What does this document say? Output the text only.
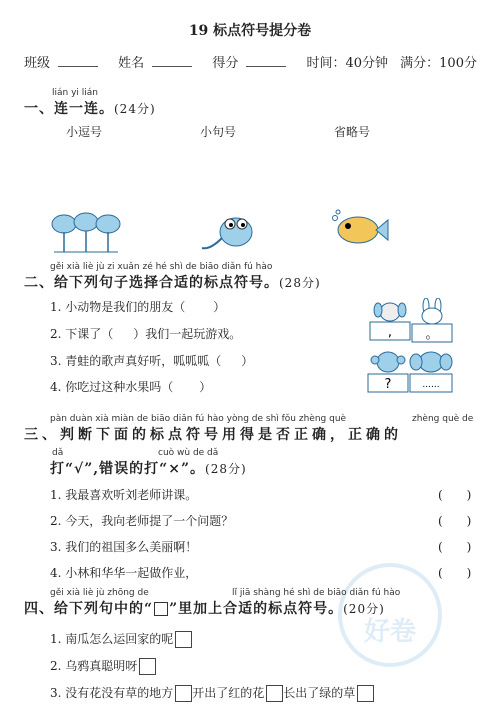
19 标点符号提分卷
班级	姓名	得分	时间：40分钟 满分：100分
lián yi lián
一、连一连。(24分)
小逗号	小句号	省略号
gěi xià liè jù zi xuǎn zé hé shì de biāo diǎn fú hào
二、给下列句子选择合适的标点符号。(28分)
1. 小动物是我们的朋友（ ）
2. 下课了（ ）我们一起玩游戏。
3. 青蛙的歌声真好听，呱呱呱（ ）
4. 你吃过这种水果吗（ ）
,	。
?	......
pàn duàn xià miàn de biāo diǎn fú hào yòng de shì fǒu zhèng què	zhèng què de
三、判断下面的标点符号用得是否正确，正确的
dǎ	cuò wù de dǎ
打“√”,错误的打“×”。(28分)
1. 我最喜欢听刘老师讲课。	(　　)
2. 今天，我向老师提了一个问题？	(　　)
3. 我们的祖国多么美丽啊！	(　　)
4. 小林和华华一起做作业，	(　　)
好卷
gěi xià liè jù zhōng de	lǐ jiā shàng hé shì de biāo diǎn fú hào
四、给下列句中的“ ”里加上合适的标点符号。(20分)
1. 南瓜怎么运回家的呢
2. 乌鸦真聪明呀
3. 没有花没有草的地方 开出了红的花 长出了绿的草
